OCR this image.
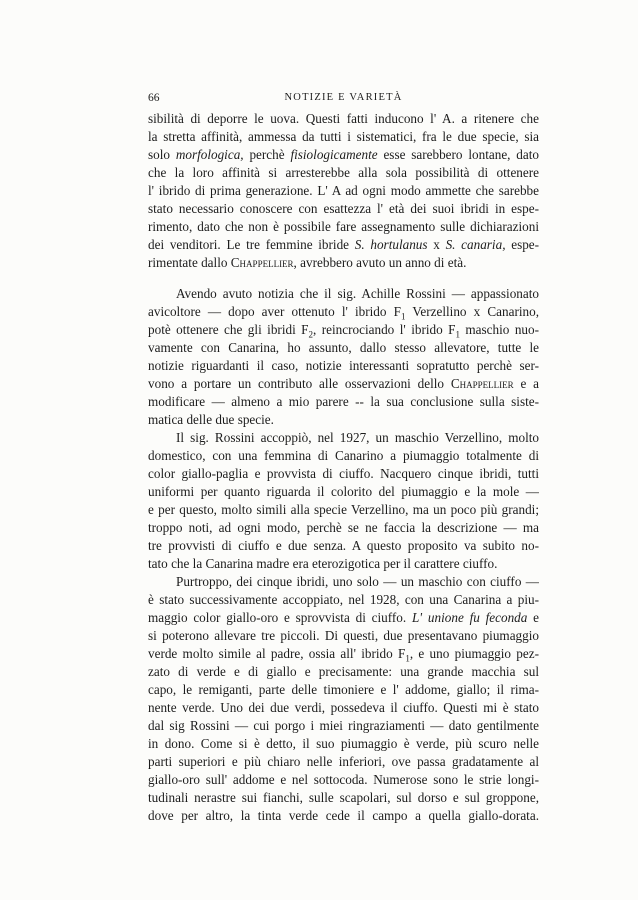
66	NOTIZIE E VARIETÀ
sibilità di deporre le uova. Questi fatti inducono l' A. a ritenere che
la stretta affinità, ammessa da tutti i sistematici, fra le due specie, sia
solo morfologica, perchè fisiologicamente esse sarebbero lontane, dato
che la loro affinità si arresterebbe alla sola possibilità di ottenere
l' ibrido di prima generazione. L' A ad ogni modo ammette che sarebbe
stato necessario conoscere con esattezza l' età dei suoi ibridi in espe-
rimento, dato che non è possibile fare assegnamento sulle dichiarazioni
dei venditori. Le tre femmine ibride S. hortulanus x S. canaria, espe-
rimentate dallo Chappellier, avrebbero avuto un anno di età.
Avendo avuto notizia che il sig. Achille Rossini — appassionato
avicoltore — dopo aver ottenuto l' ibrido $F_1$ Verzellino x Canarino,
potè ottenere che gli ibridi $F_2$, reincrociando l' ibrido $F_1$ maschio nuo-
vamente con Canarina, ho assunto, dallo stesso allevatore, tutte le
notizie riguardanti il caso, notizie interessanti sopratutto perchè ser-
vono a portare un contributo alle osservazioni dello Chappellier e a
modificare — almeno a mio parere -- la sua conclusione sulla siste-
matica delle due specie.
Il sig. Rossini accoppiò, nel 1927, un maschio Verzellino, molto
domestico, con una femmina di Canarino a piumaggio totalmente di
color giallo-paglia e provvista di ciuffo. Nacquero cinque ibridi, tutti
uniformi per quanto riguarda il colorito del piumaggio e la mole —
e per questo, molto simili alla specie Verzellino, ma un poco più grandi;
troppo noti, ad ogni modo, perchè se ne faccia la descrizione — ma
tre provvisti di ciuffo e due senza. A questo proposito va subito no-
tato che la Canarina madre era eterozigotica per il carattere ciuffo.
Purtroppo, dei cinque ibridi, uno solo — un maschio con ciuffo —
è stato successivamente accoppiato, nel 1928, con una Canarina a piu-
maggio color giallo-oro e sprovvista di ciuffo. L' unione fu feconda e
si poterono allevare tre piccoli. Di questi, due presentavano piumaggio
verde molto simile al padre, ossia all' ibrido $F_1$, e uno piumaggio pez-
zato di verde e di giallo e precisamente: una grande macchia sul
capo, le remiganti, parte delle timoniere e l' addome, giallo; il rima-
nente verde. Uno dei due verdi, possedeva il ciuffo. Questi mi è stato
dal sig Rossini — cui porgo i miei ringraziamenti — dato gentilmente
in dono. Come si è detto, il suo piumaggio è verde, più scuro nelle
parti superiori e più chiaro nelle inferiori, ove passa gradatamente al
giallo-oro sull' addome e nel sottocoda. Numerose sono le strie longi-
tudinali nerastre sui fianchi, sulle scapolari, sul dorso e sul groppone,
dove per altro, la tinta verde cede il campo a quella giallo-dorata.
